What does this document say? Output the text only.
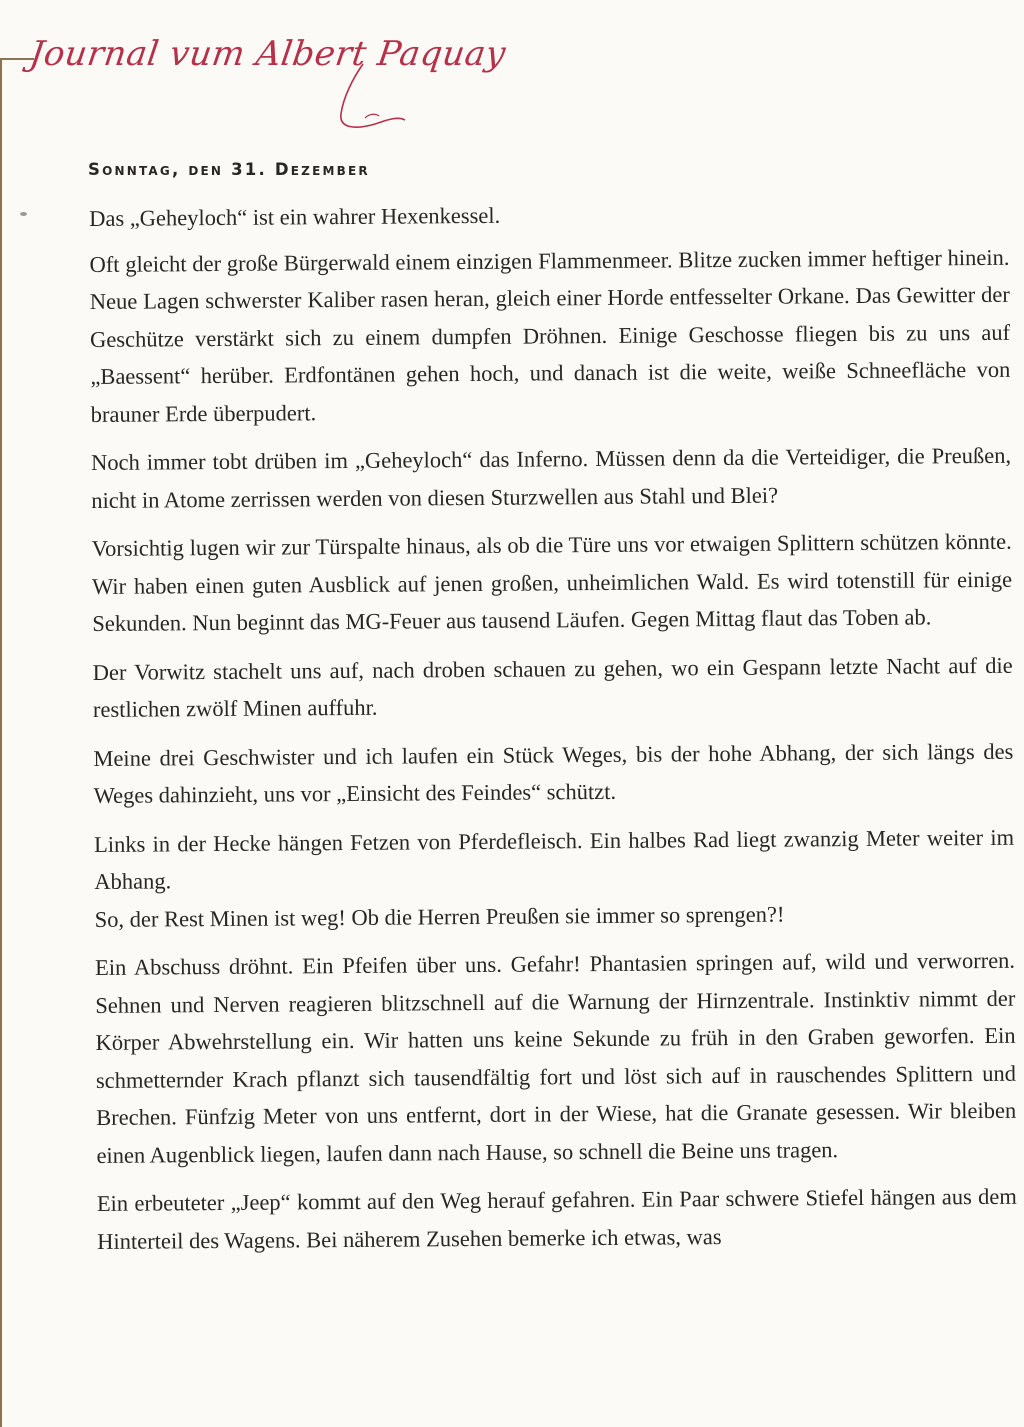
Journal vum Albert Paquay
Sonntag, den 31. Dezember

Das „Geheyloch“ ist ein wahrer Hexenkessel.

Oft gleicht der große Bürgerwald einem einzigen Flammenmeer. Blitze zucken immer heftiger hinein. Neue Lagen schwerster Kaliber rasen heran, gleich einer Horde entfesselter Orkane. Das Gewitter der Geschütze verstärkt sich zu einem dumpfen Dröhnen. Einige Geschosse fliegen bis zu uns auf „Baessent“ herüber. Erdfontänen gehen hoch, und danach ist die weite, weiße Schneefläche von brauner Erde überpudert.

Noch immer tobt drüben im „Geheyloch“ das Inferno. Müssen denn da die Verteidiger, die Preußen, nicht in Atome zerrissen werden von diesen Sturzwellen aus Stahl und Blei?

Vorsichtig lugen wir zur Türspalte hinaus, als ob die Türe uns vor etwaigen Splittern schützen könnte. Wir haben einen guten Ausblick auf jenen großen, unheimlichen Wald. Es wird totenstill für einige Sekunden. Nun beginnt das MG-Feuer aus tausend Läufen. Gegen Mittag flaut das Toben ab.

Der Vorwitz stachelt uns auf, nach droben schauen zu gehen, wo ein Gespann letzte Nacht auf die restlichen zwölf Minen auffuhr.

Meine drei Geschwister und ich laufen ein Stück Weges, bis der hohe Abhang, der sich längs des Weges dahinzieht, uns vor „Einsicht des Feindes“ schützt.

Links in der Hecke hängen Fetzen von Pferdefleisch. Ein halbes Rad liegt zwanzig Meter weiter im Abhang.

So, der Rest Minen ist weg! Ob die Herren Preußen sie immer so sprengen?!

Ein Abschuss dröhnt. Ein Pfeifen über uns. Gefahr! Phantasien springen auf, wild und verworren. Sehnen und Nerven reagieren blitzschnell auf die Warnung der Hirnzentrale. Instinktiv nimmt der Körper Abwehrstellung ein. Wir hatten uns keine Sekunde zu früh in den Graben geworfen. Ein schmetternder Krach pflanzt sich tausendfältig fort und löst sich auf in rauschendes Splittern und Brechen. Fünfzig Meter von uns entfernt, dort in der Wiese, hat die Granate gesessen. Wir bleiben einen Augenblick liegen, laufen dann nach Hause, so schnell die Beine uns tragen.

Ein erbeuteter „Jeep“ kommt auf den Weg herauf gefahren. Ein Paar schwere Stiefel hängen aus dem Hinterteil des Wagens. Bei näherem Zusehen bemerke ich etwas, was
